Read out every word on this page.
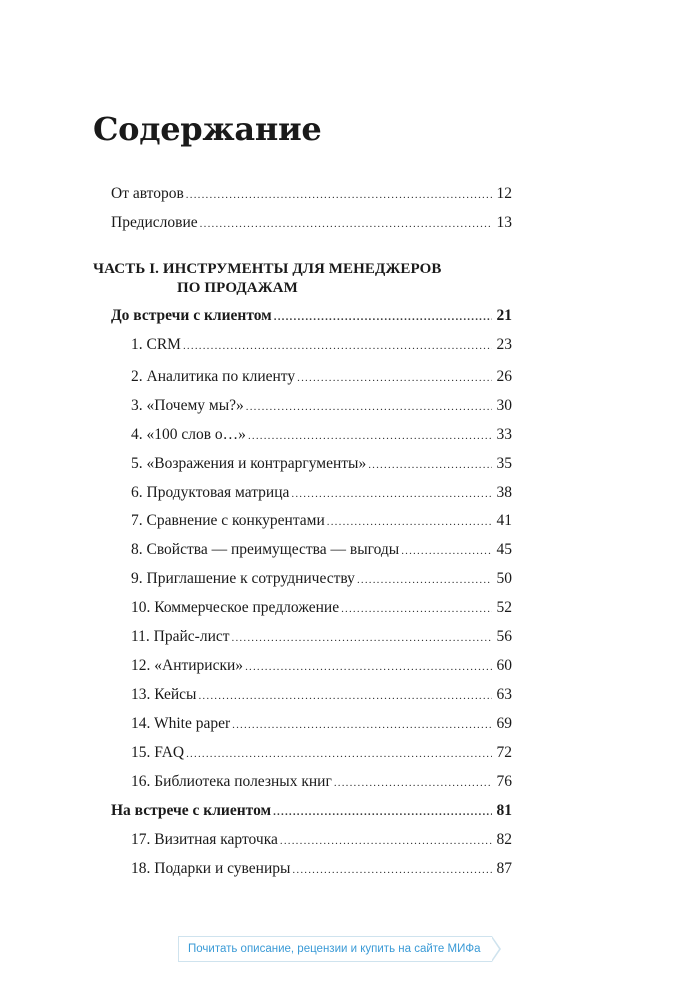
Содержание
От авторов .....	12
Предисловие .....	13
ЧАСТЬ I. ИНСТРУМЕНТЫ ДЛЯ МЕНЕДЖЕРОВ
ПО ПРОДАЖАМ
До встречи с клиентом .....	21
1. CRM .....	23
2. Аналитика по клиенту .....	26
3. «Почему мы?» .....	30
4. «100 слов о…» .....	33
5. «Возражения и контраргументы» .....	35
6. Продуктовая матрица .....	38
7. Сравнение с конкурентами .....	41
8. Свойства — преимущества — выгоды .....	45
9. Приглашение к сотрудничеству .....	50
10. Коммерческое предложение .....	52
11. Прайс-лист .....	56
12. «Антириски» .....	60
13. Кейсы .....	63
14. White paper .....	69
15. FAQ .....	72
16. Библиотека полезных книг .....	76
На встрече с клиентом .....	81
17. Визитная карточка .....	82
18. Подарки и сувениры .....	87
Почитать описание, рецензии и купить на сайте МИФа
